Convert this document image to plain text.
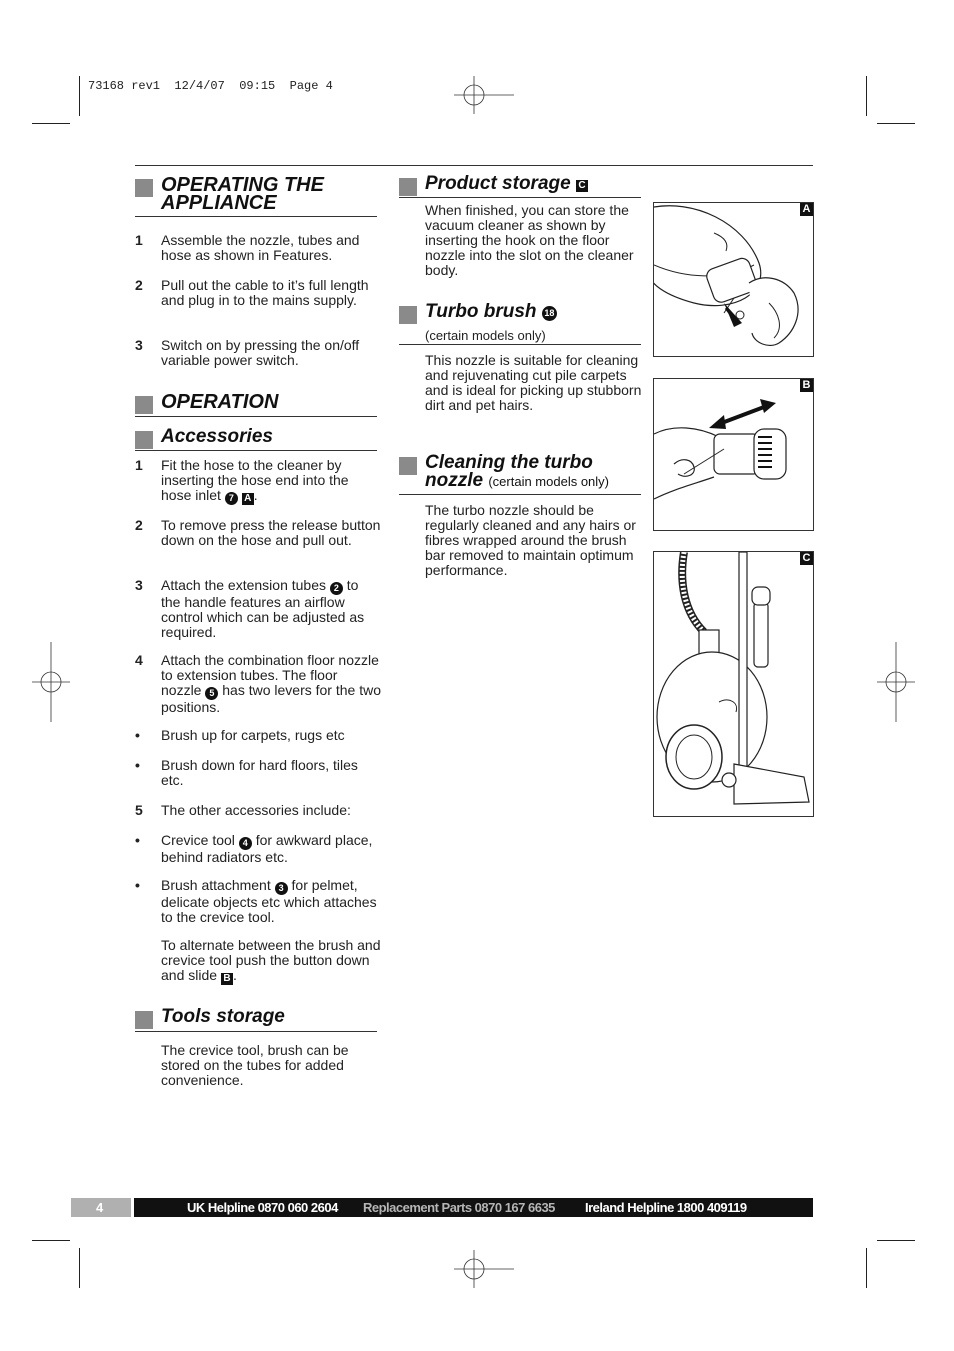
73168 rev1  12/4/07  09:15  Page 4
OPERATING THE
APPLIANCE
1	Assemble the nozzle, tubes and hose as shown in Features.
2	Pull out the cable to it’s full length and plug in to the mains supply.
3	Switch on by pressing the on/off variable power switch.
OPERATION
Accessories
1	Fit the hose to the cleaner by inserting the hose end into the hose inlet 7 A .
2	To remove press the release button down on the hose and pull out.
3	Attach the extension tubes 2 to the handle features an airflow control which can be adjusted as required.
4	Attach the combination floor nozzle to extension tubes. The floor nozzle 5 has two levers for the two positions.
•	Brush up for carpets, rugs etc
•	Brush down for hard floors, tiles etc.
5	The other accessories include:
•	Crevice tool 4 for awkward place, behind radiators etc.
•	Brush attachment 3 for pelmet, delicate objects etc which attaches to the crevice tool.
To alternate between the brush and crevice tool push the button down and slide B .
Tools storage
The crevice tool, brush can be stored on the tubes for added convenience.
Product storage C
When finished, you can store the vacuum cleaner as shown by inserting the hook on the floor nozzle into the slot on the cleaner body.
Turbo brush 18
(certain models only)
This nozzle is suitable for cleaning and rejuvenating cut pile carpets and is ideal for picking up stubborn dirt and pet hairs.
Cleaning the turbo
nozzle (certain models only)
The turbo nozzle should be regularly cleaned and any hairs or fibres wrapped around the brush bar removed to maintain optimum performance.
A
B
C
4	UK Helpline 0870 060 2604 Replacement Parts 0870 167 6635 Ireland Helpline 1800 409119
